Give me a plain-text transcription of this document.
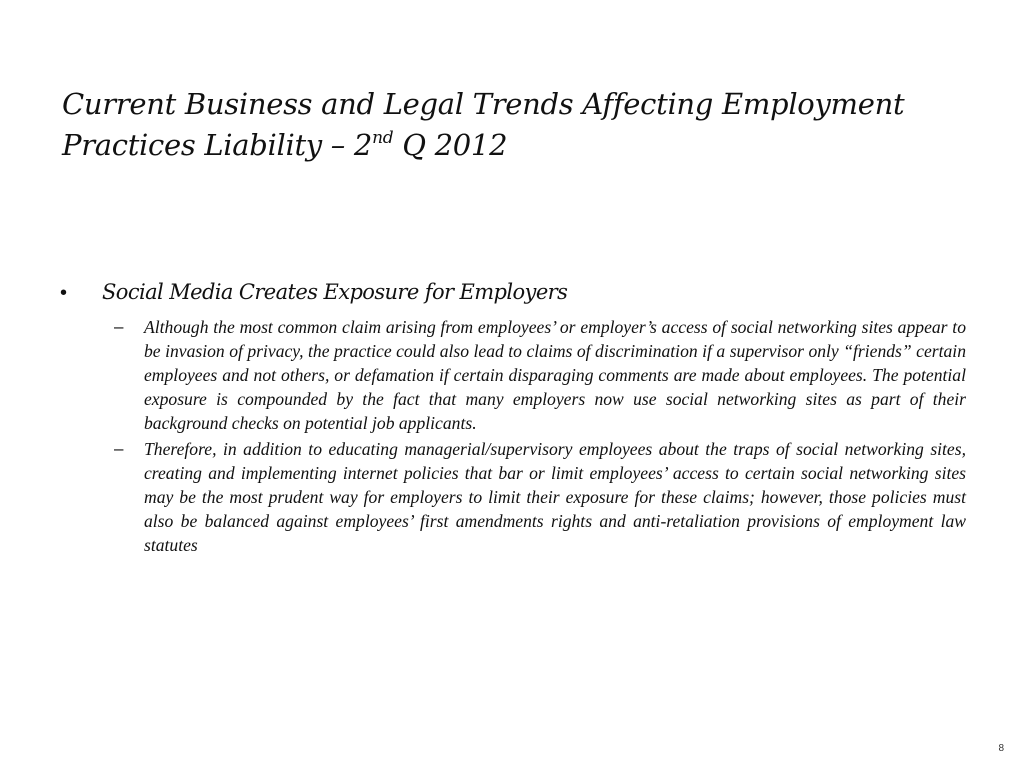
Current Business and Legal Trends Affecting Employment
Practices Liability – 2nd Q 2012
•	Social Media Creates Exposure for Employers
–	Although the most common claim arising from employees’ or employer’s access of social networking sites appear to be invasion of privacy, the practice could also lead to claims of discrimination if a supervisor only “friends” certain employees and not others, or defamation if certain disparaging comments are made about employees. The potential exposure is compounded by the fact that many employers now use social networking sites as part of their background checks on potential job applicants.
–	Therefore, in addition to educating managerial/supervisory employees about the traps of social networking sites, creating and implementing internet policies that bar or limit employees’ access to certain social networking sites may be the most prudent way for employers to limit their exposure for these claims; however, those policies must also be balanced against employees’ first amendments rights and anti-retaliation provisions of employment law statutes
8
